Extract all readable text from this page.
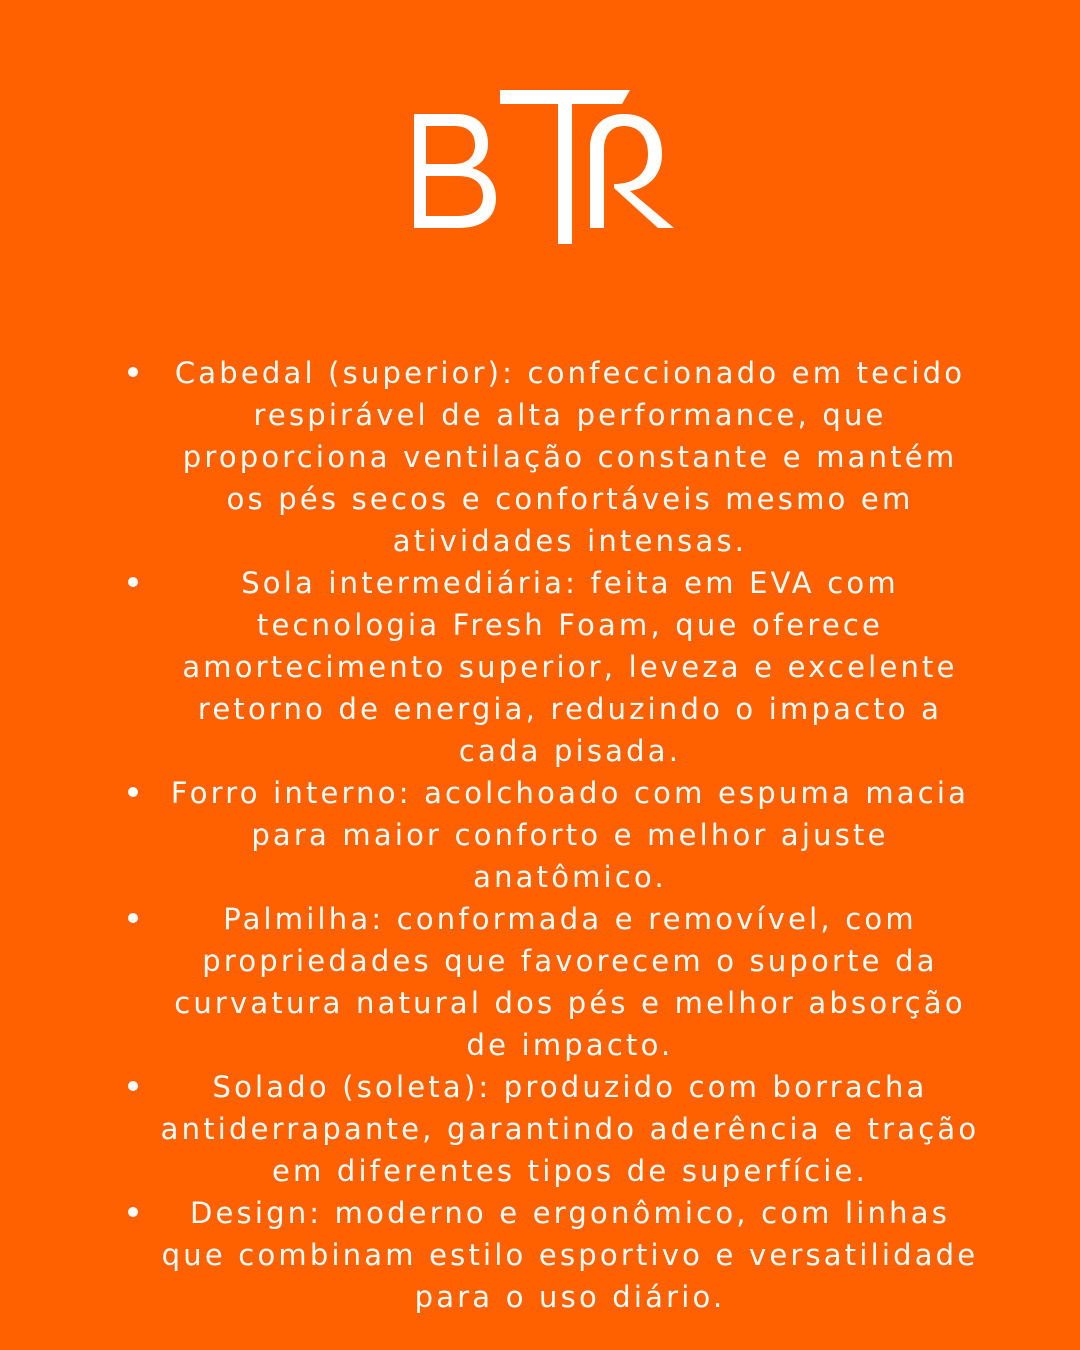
Cabedal (superior): confeccionado em tecido respirável de alta performance, que proporciona ventilação constante e mantém os pés secos e confortáveis mesmo em atividades intensas.
Sola intermediária: feita em EVA com tecnologia Fresh Foam, que oferece amortecimento superior, leveza e excelente retorno de energia, reduzindo o impacto a cada pisada.
Forro interno: acolchoado com espuma macia para maior conforto e melhor ajuste anatômico.
Palmilha: conformada e removível, com propriedades que favorecem o suporte da curvatura natural dos pés e melhor absorção de impacto.
Solado (soleta): produzido com borracha antiderrapante, garantindo aderência e tração em diferentes tipos de superfície.
Design: moderno e ergonômico, com linhas que combinam estilo esportivo e versatilidade para o uso diário.
